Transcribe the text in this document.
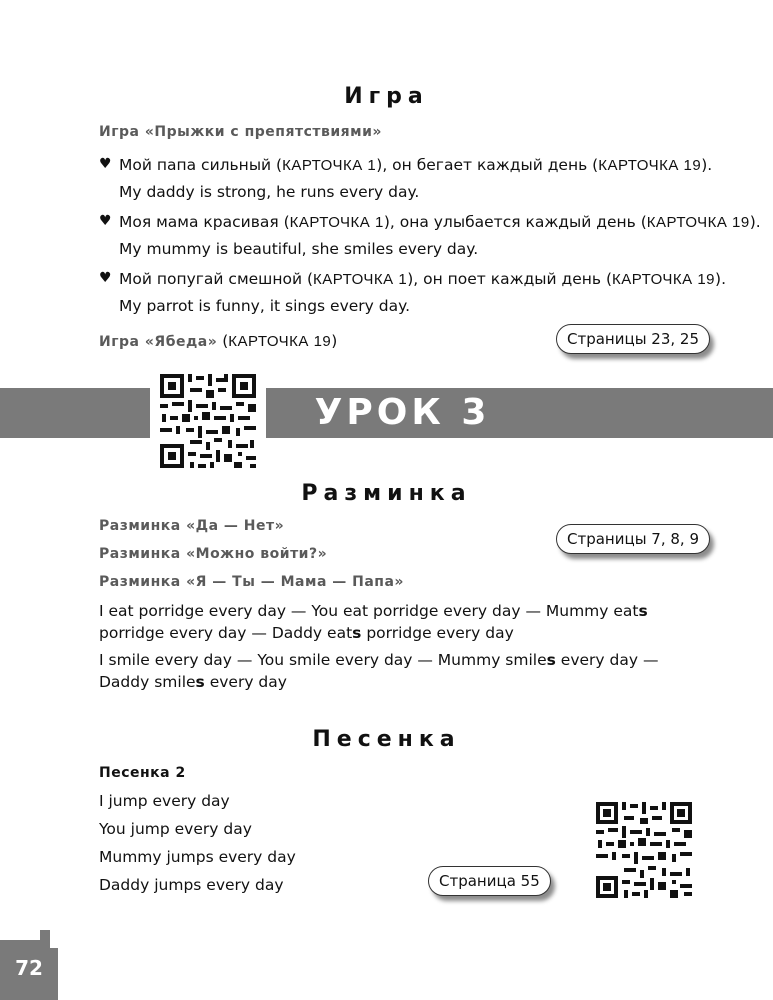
Игра
Игра «Прыжки с препятствиями»
♥ Мой папа сильный (КАРТОЧКА 1), он бегает каждый день (КАРТОЧКА 19).
My daddy is strong, he runs every day.
♥ Моя мама красивая (КАРТОЧКА 1), она улыбается каждый день (КАРТОЧКА 19).
My mummy is beautiful, she smiles every day.
♥ Мой попугай смешной (КАРТОЧКА 1), он поет каждый день (КАРТОЧКА 19).
My parrot is funny, it sings every day.
Игра «Ябеда» (КАРТОЧКА 19)	Страницы 23, 25
УРОК 3
Разминка
Разминка «Да — Нет»
Разминка «Можно войти?»
Разминка «Я — Ты — Мама — Папа»
Страницы 7, 8, 9
I eat porridge every day — You eat porridge every day — Mummy eats porridge every day — Daddy eats porridge every day
I smile every day — You smile every day — Mummy smiles every day — Daddy smiles every day
Песенка
Песенка 2
I jump every day
You jump every day
Mummy jumps every day
Daddy jumps every day	Страница 55
72
